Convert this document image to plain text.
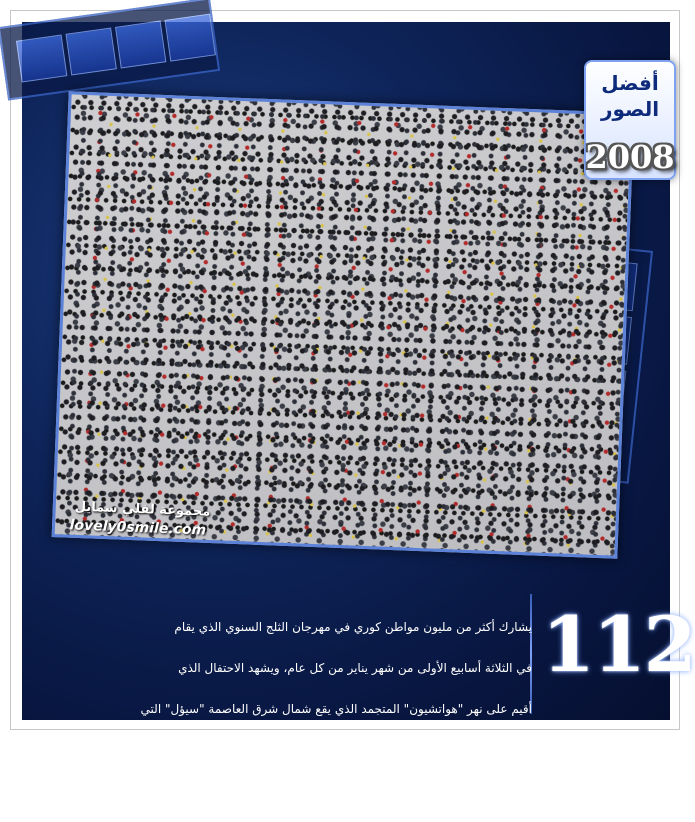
مجموعة لفلي سمايل
lovely0smile.com
أفضل
الصور
2008
112

يشارك أكثر من مليون مواطن كوري في مهرجان الثلج السنوي الذي يقام

في الثلاثة أسابيع الأولى من شهر يناير من كل عام، ويشهد الاحتفال الذي

أقيم على نهر "هواتشيون" المتجمد الذي يقع شمال شرق العاصمة "سيؤل" التي

تبعد حوالي ٢٠ كم جنوب المنطقة المنزوعة السلاح الفاصلة بين الكوريتين،

إنشاء حفر في الجليد لاصطياد سمك التونة.
